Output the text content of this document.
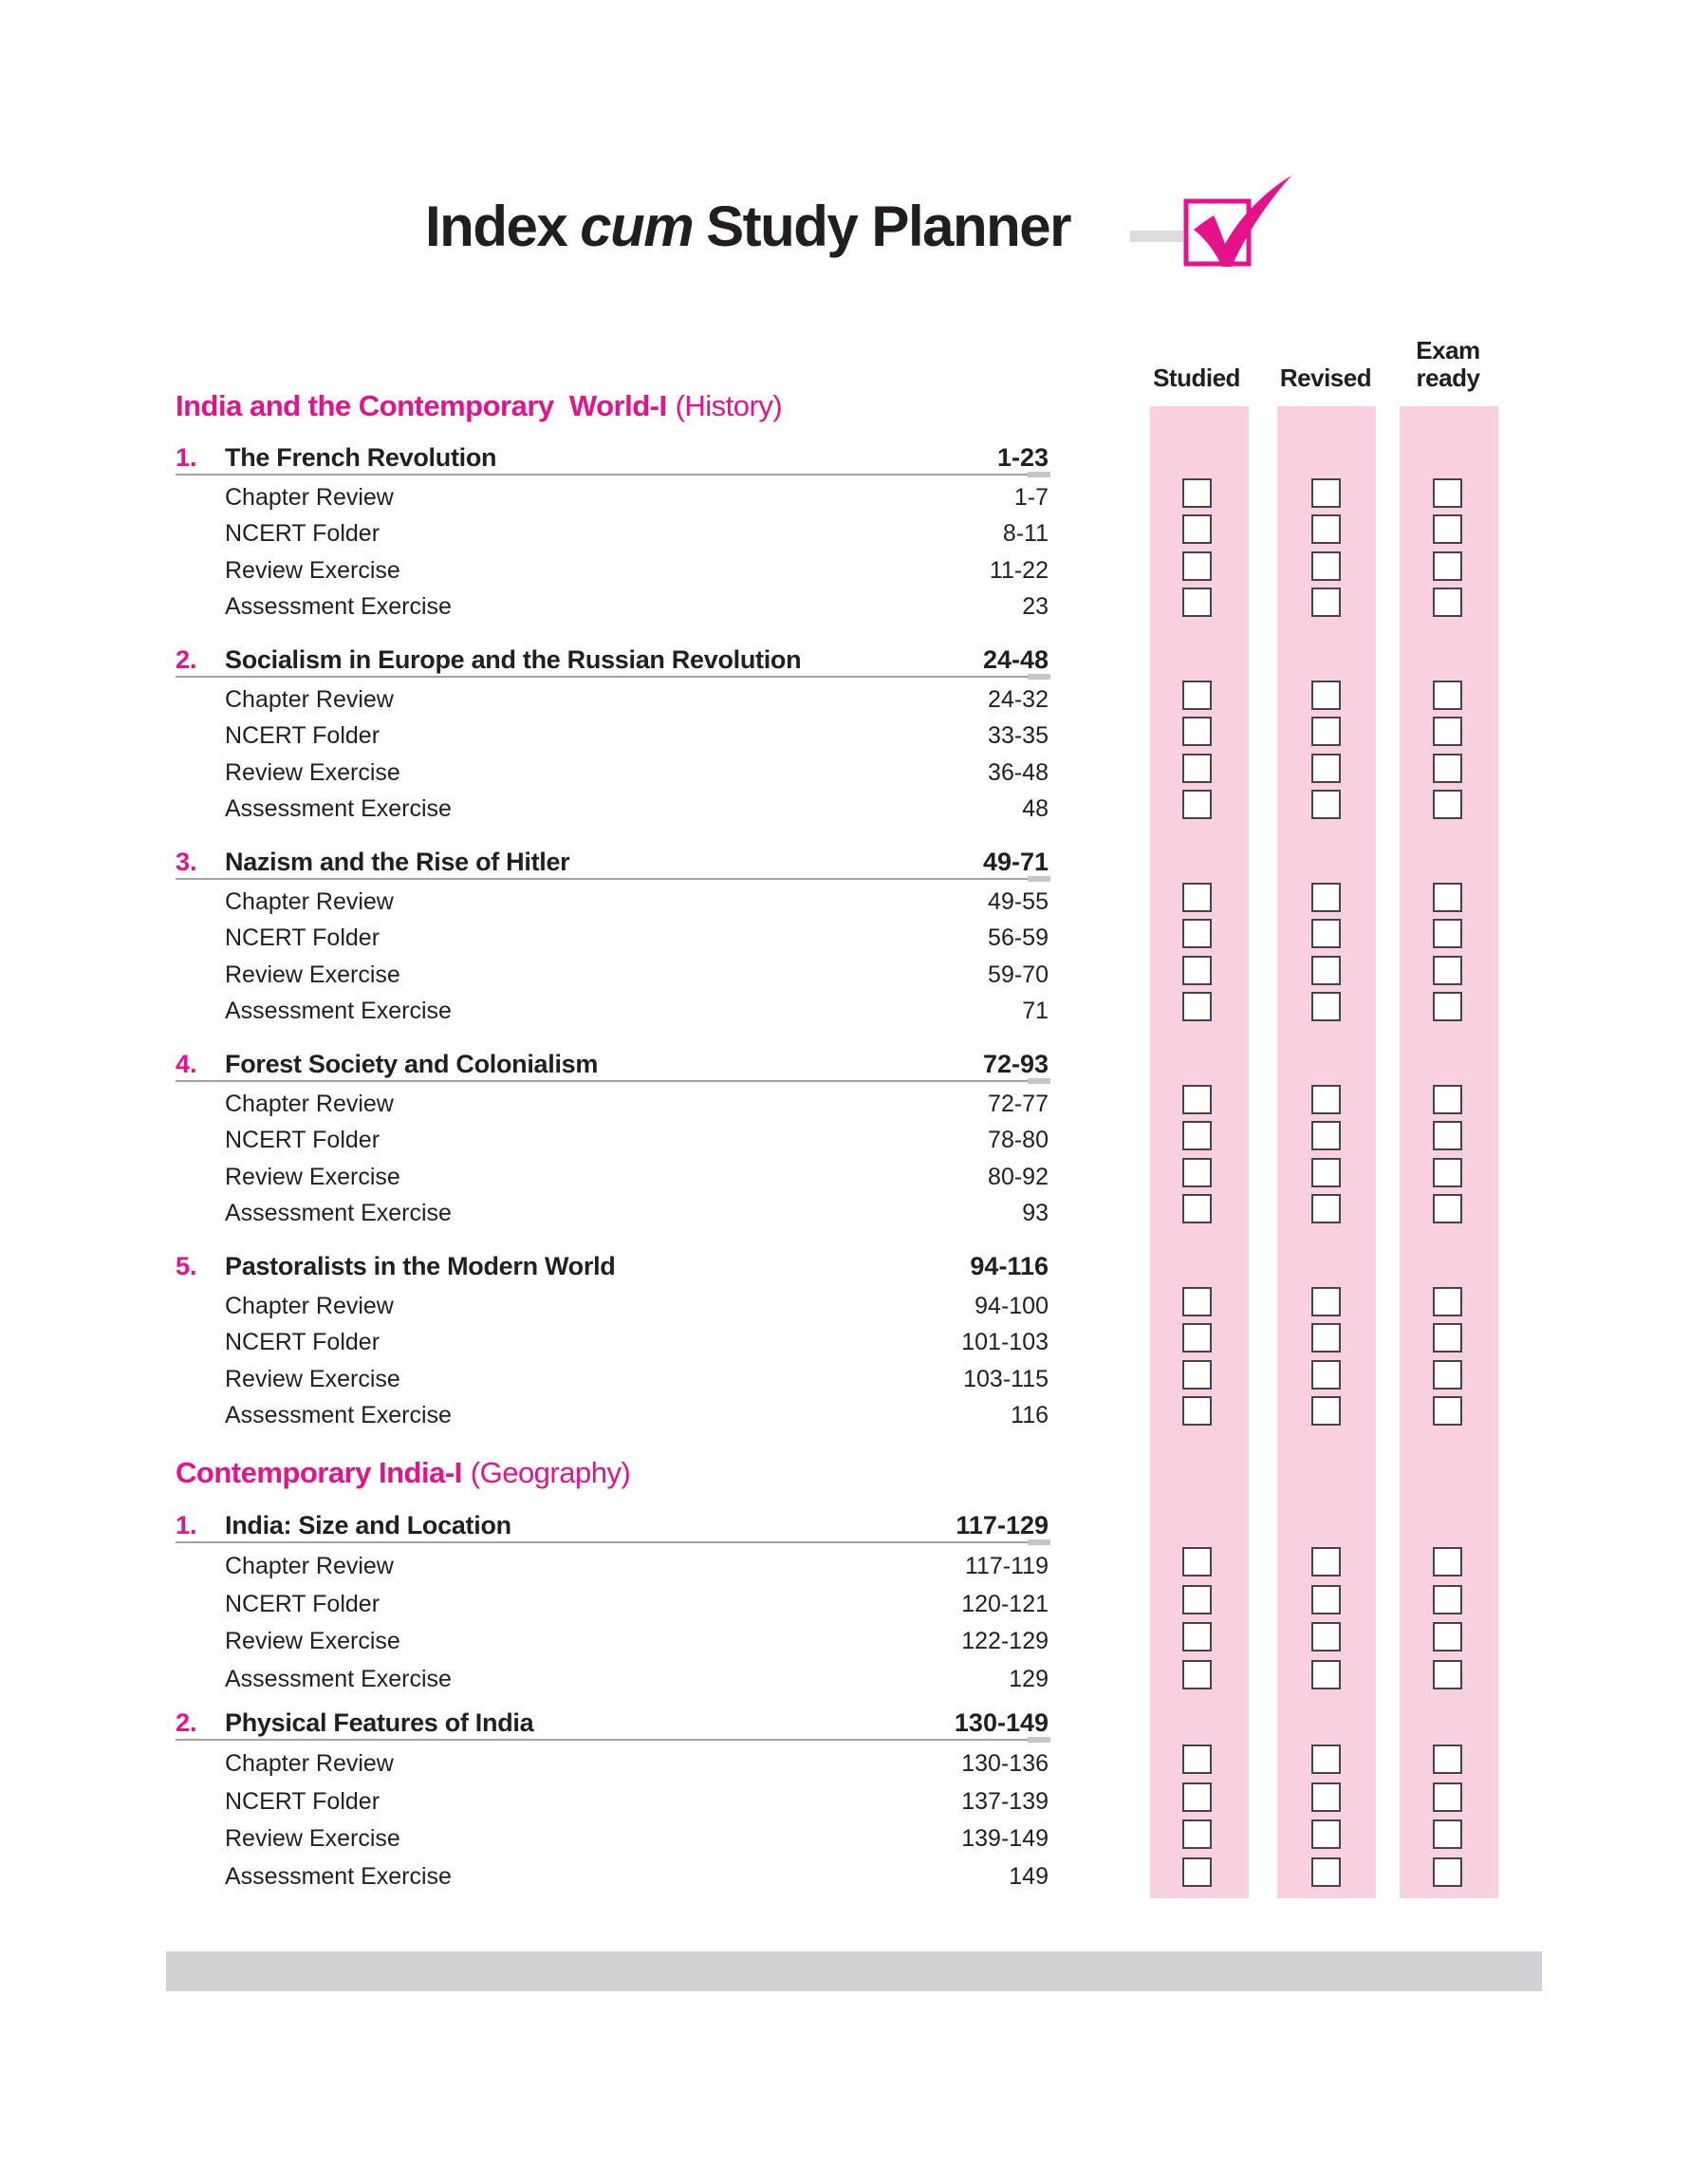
Index cum Study Planner
Studied	Revised
Exam ready
India and the Contemporary  World-I (History)
1. The French Revolution	1-23
Chapter Review	1-7
NCERT Folder	8-11
Review Exercise	11-22
Assessment Exercise	23
2. Socialism in Europe and the Russian Revolution	24-48
Chapter Review	24-32
NCERT Folder	33-35
Review Exercise	36-48
Assessment Exercise	48
3. Nazism and the Rise of Hitler	49-71
Chapter Review	49-55
NCERT Folder	56-59
Review Exercise	59-70
Assessment Exercise	71
4. Forest Society and Colonialism	72-93
Chapter Review	72-77
NCERT Folder	78-80
Review Exercise	80-92
Assessment Exercise	93
5. Pastoralists in the Modern World	94-116
Chapter Review	94-100
NCERT Folder	101-103
Review Exercise	103-115
Assessment Exercise	116
Contemporary India-I (Geography)
1. India: Size and Location	117-129
Chapter Review	117-119
NCERT Folder	120-121
Review Exercise	122-129
Assessment Exercise	129
2. Physical Features of India	130-149
Chapter Review	130-136
NCERT Folder	137-139
Review Exercise	139-149
Assessment Exercise	149
